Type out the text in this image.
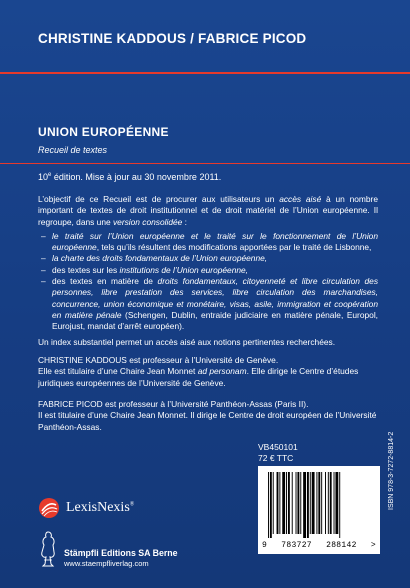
CHRISTINE KADDOUS / FABRICE PICOD
UNION EUROPÉENNE
Recueil de textes
10e édition. Mise à jour au 30 novembre 2011.

L’objectif de ce Recueil est de procurer aux utilisateurs un accès aisé à un nombre important de textes de droit institutionnel et de droit matériel de l’Union européenne. Il regroupe, dans une version consolidée :

– le traité sur l’Union européenne et le traité sur le fonctionnement de l’Union européenne, tels qu’ils résultent des modifications apportées par le traité de Lisbonne,
– la charte des droits fondamentaux de l’Union européenne,
– des textes sur les institutions de l’Union européenne,
– des textes en matière de droits fondamentaux, citoyenneté et libre circulation des personnes, libre prestation des services, libre circulation des marchandises, concurrence, union économique et monétaire, visas, asile, immigration et coopération en matière pénale (Schengen, Dublin, entraide judiciaire en matière pénale, Europol, Eurojust, mandat d’arrêt européen).
Un index substantiel permet un accès aisé aux notions pertinentes recherchées.
CHRISTINE KADDOUS est professeur à l’Université de Genève.
Elle est titulaire d’une Chaire Jean Monnet ad personam. Elle dirige le Centre d’études juridiques européennes de l’Université de Genève.
FABRICE PICOD est professeur à l’Université Panthéon-Assas (Paris II).
Il est titulaire d’une Chaire Jean Monnet. Il dirige le Centre de droit européen de l’Université Panthéon-Assas.
VB450101
72 € TTC
LexisNexis®
Stämpfli Editions SA Berne
www.staempfliverlag.com
9 783727 288142 >
ISBN 978-3-7272-8814-2
